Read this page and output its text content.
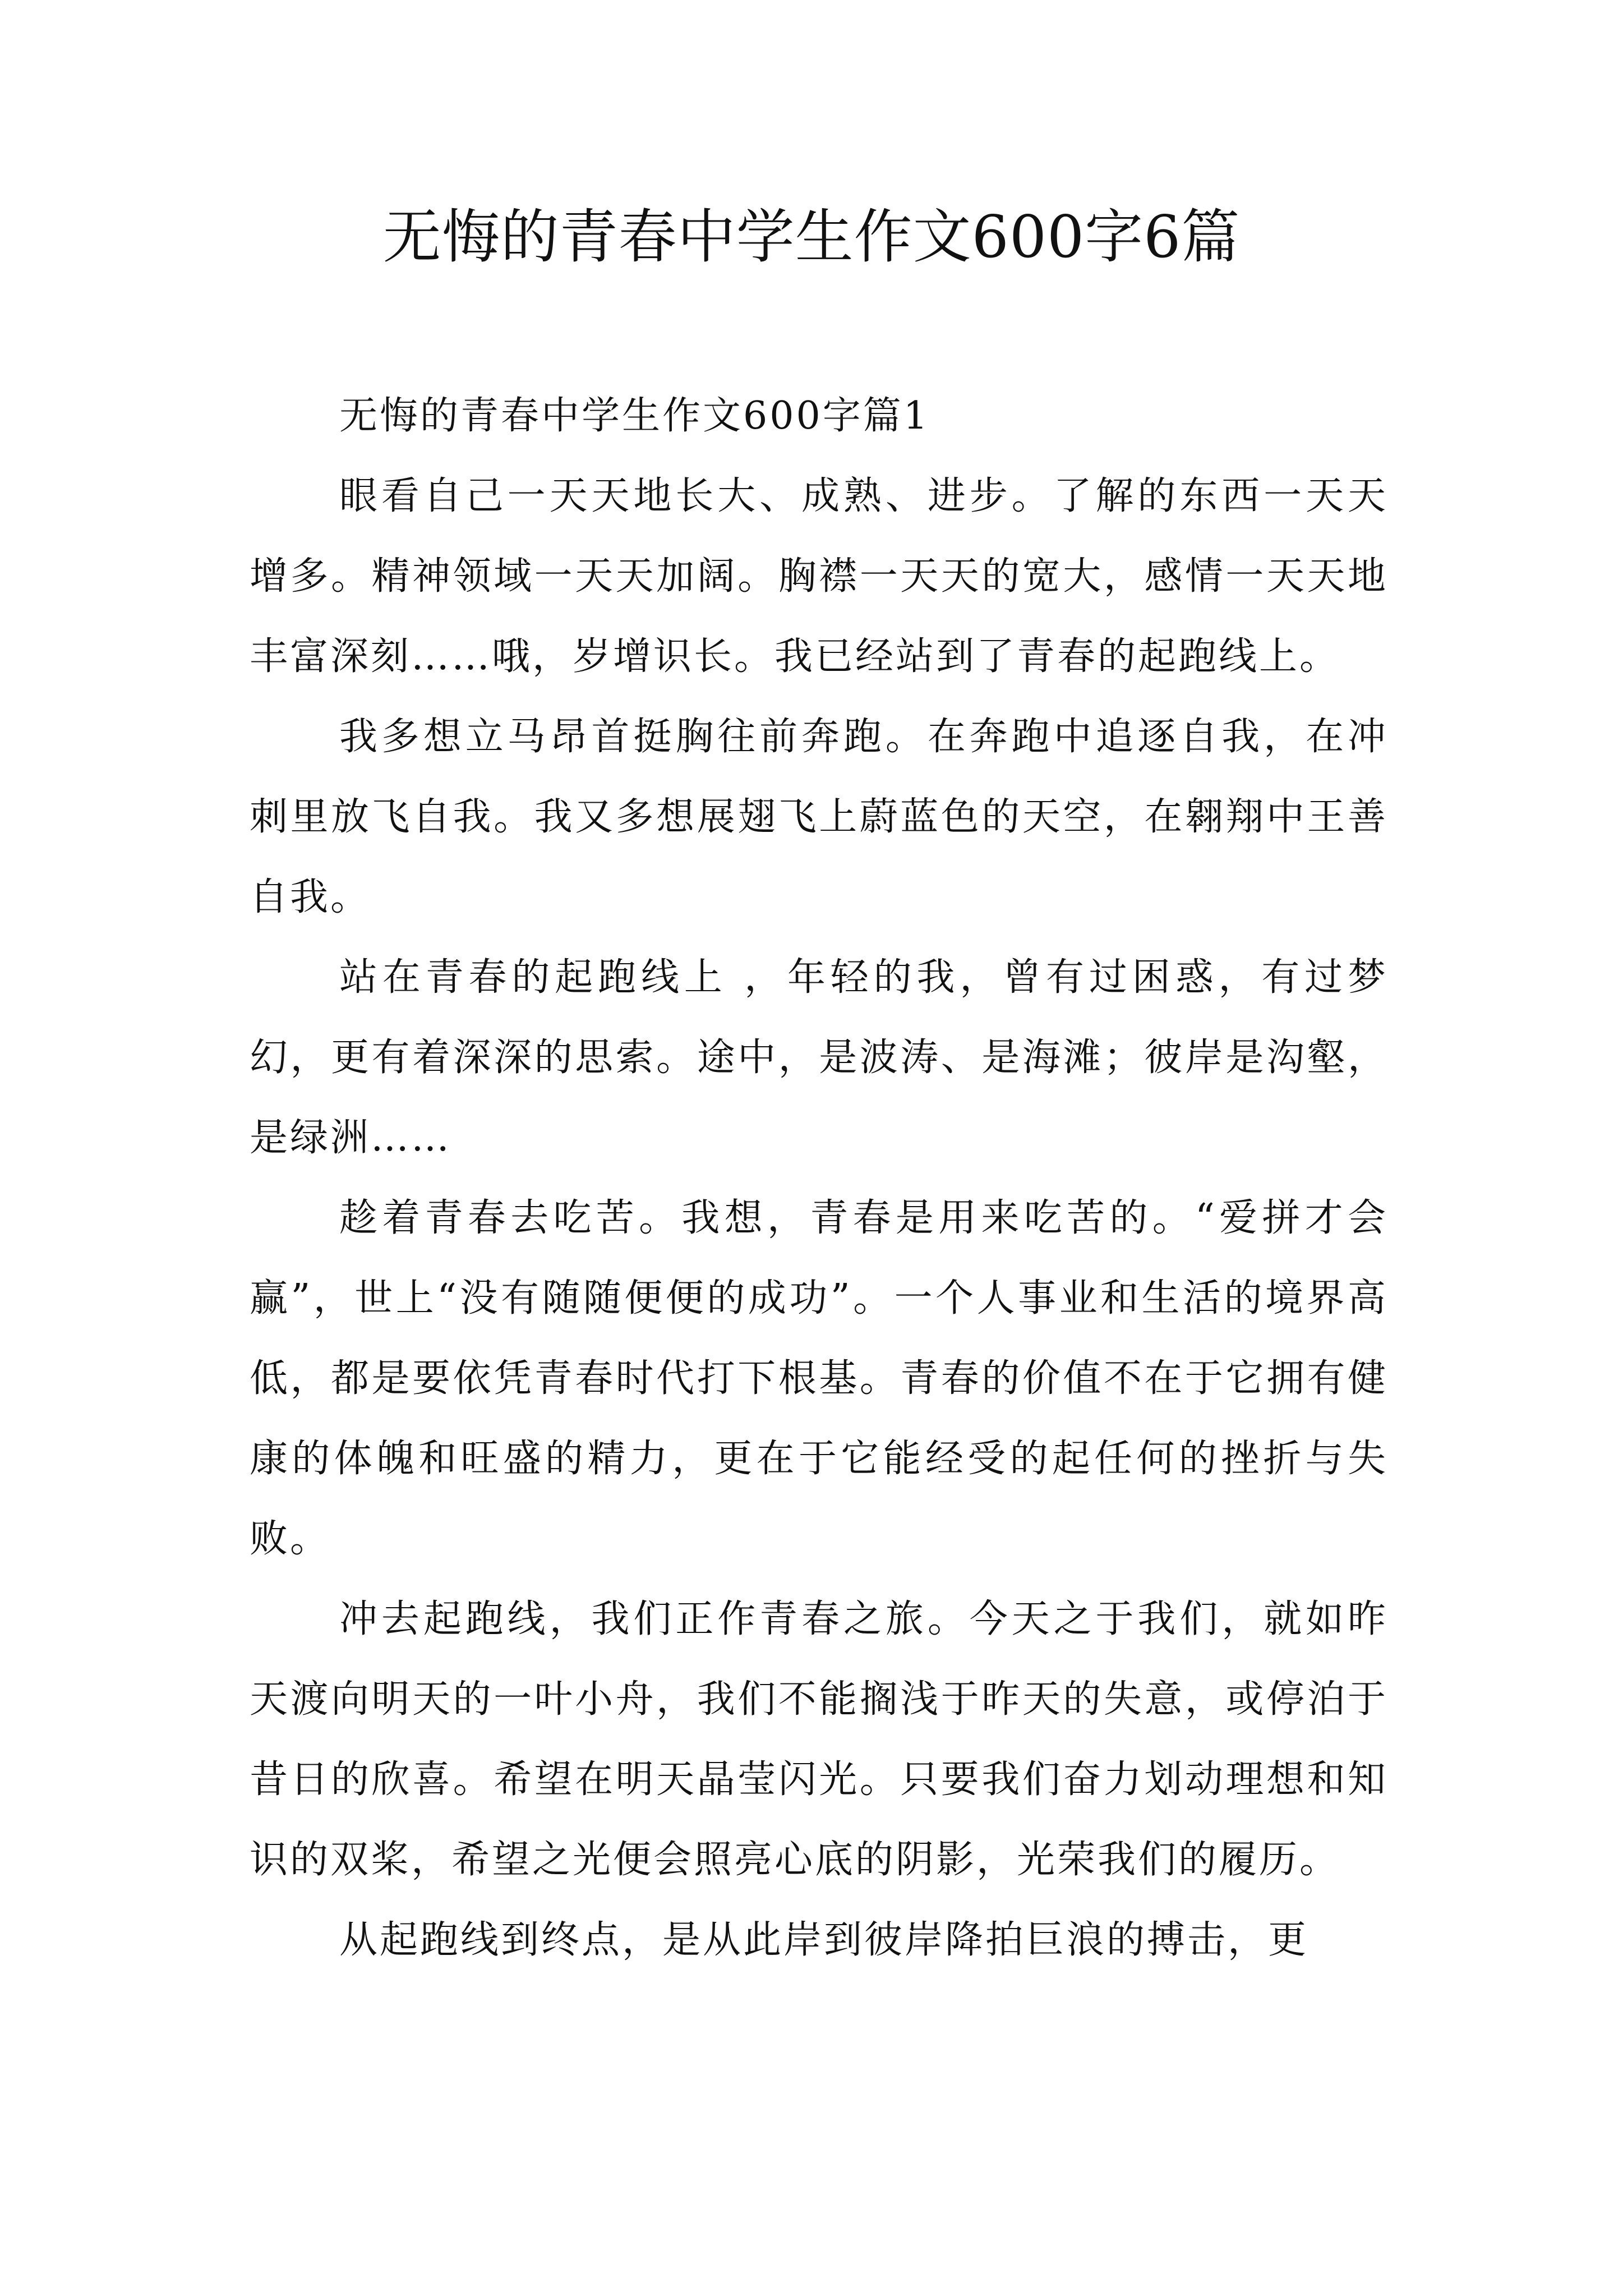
无悔的青春中学生作文600字6篇

无悔的青春中学生作文600字篇1

眼看自己一天天地长大、成熟、进步。了解的东西一天天增多。精神领域一天天加阔。胸襟一天天的宽大，感情一天天地丰富深刻……哦，岁增识长。我已经站到了青春的起跑线上。

我多想立马昂首挺胸往前奔跑。在奔跑中追逐自我，在冲刺里放飞自我。我又多想展翅飞上蔚蓝色的天空，在翱翔中王善自我。

站在青春的起跑线上 ，年轻的我，曾有过困惑，有过梦幻，更有着深深的思索。途中，是波涛、是海滩；彼岸是沟壑，是绿洲……

趁着青春去吃苦。我想，青春是用来吃苦的。“爱拼才会赢”，世上“没有随随便便的成功”。一个人事业和生活的境界高低，都是要依凭青春时代打下根基。青春的价值不在于它拥有健康的体魄和旺盛的精力，更在于它能经受的起任何的挫折与失败。

冲去起跑线，我们正作青春之旅。今天之于我们，就如昨天渡向明天的一叶小舟，我们不能搁浅于昨天的失意，或停泊于昔日的欣喜。希望在明天晶莹闪光。只要我们奋力划动理想和知识的双桨，希望之光便会照亮心底的阴影，光荣我们的履历。

从起跑线到终点，是从此岸到彼岸降拍巨浪的搏击，更
